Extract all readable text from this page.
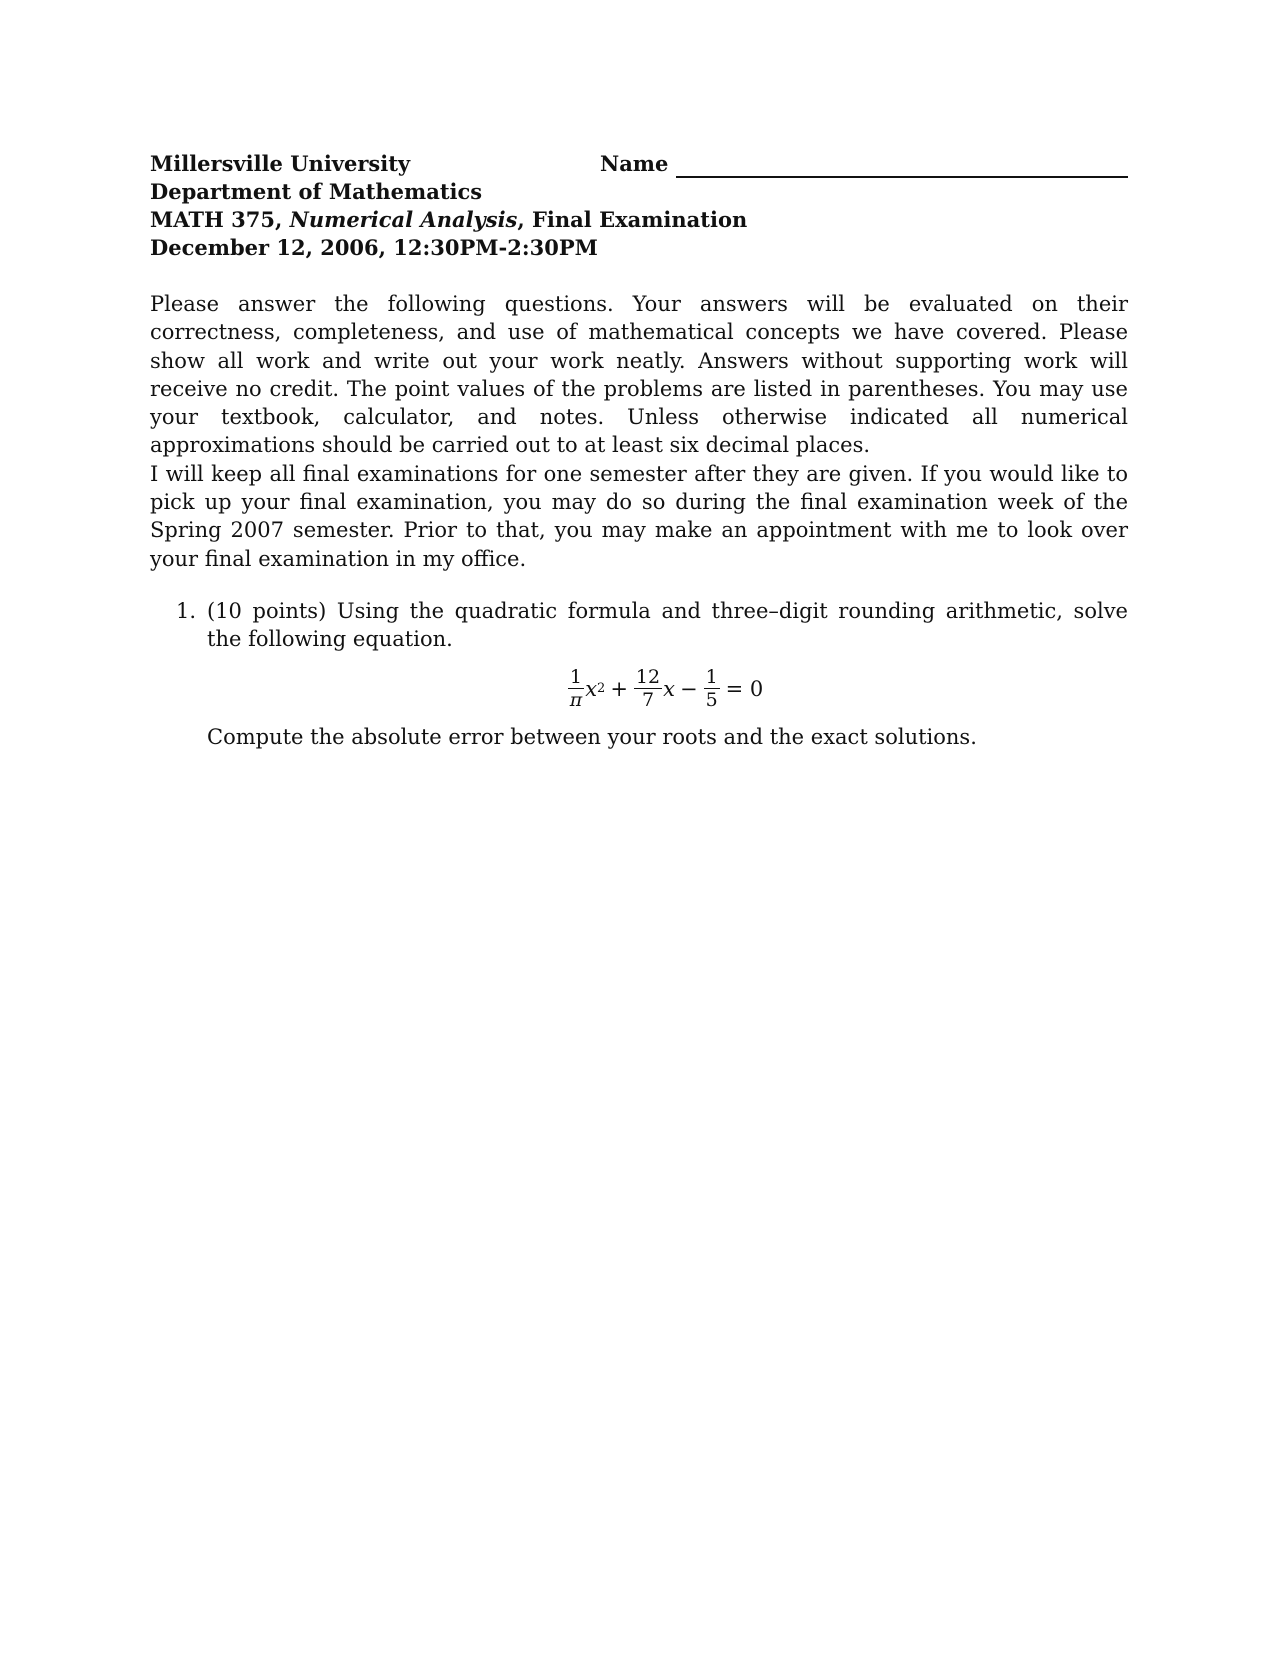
Millersville University	Name
Department of Mathematics
MATH 375, Numerical Analysis, Final Examination
December 12, 2006, 12:30PM-2:30PM

Please answer the following questions. Your answers will be evaluated on their correctness, completeness, and use of mathematical concepts we have covered. Please show all work and write out your work neatly. Answers without supporting work will receive no credit. The point values of the problems are listed in parentheses. You may use your textbook, calculator, and notes. Unless otherwise indicated all numerical approximations should be carried out to at least six decimal places.

I will keep all final examinations for one semester after they are given. If you would like to pick up your final examination, you may do so during the final examination week of the Spring 2007 semester. Prior to that, you may make an appointment with me to look over your final examination in my office.

1. (10 points) Using the quadratic formula and three–digit rounding arithmetic, solve the following equation.
$\frac{1}{\pi}$ x $2 + \frac{12}{7}$ $x - \frac{1}{5} = 0$
Compute the absolute error between your roots and the exact solutions.
